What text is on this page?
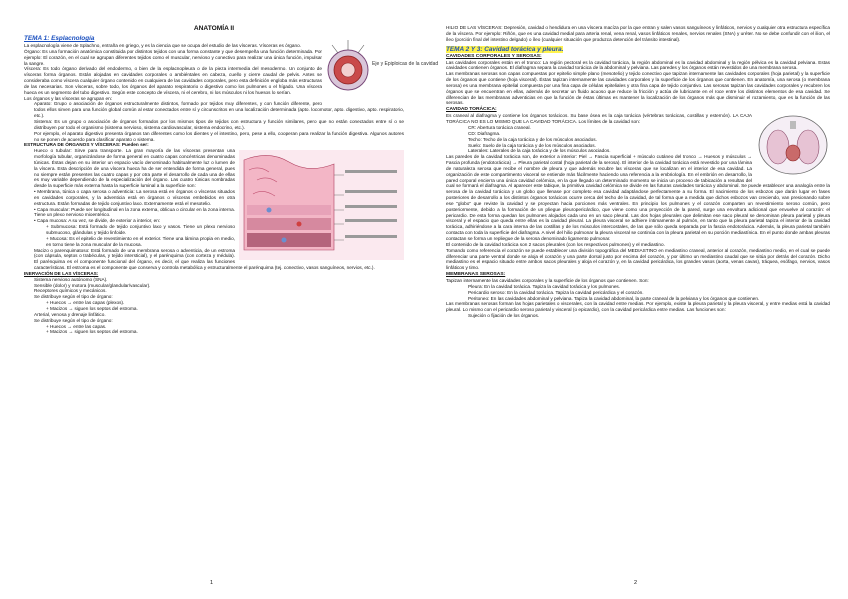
ANATOMÍA II

Eje y Epiploicas de la cavidad

TEMA 1: Esplacnología

La esplacnología viene de Splachno, entraña en griego, y es la ciencia que se ocupa del estudio de las vísceras. Vísceras es órgano.

Órgano: Es una formación anatómica constituida por distintos tejidos con una forma constante y que desempeña una función determinada. Por ejemplo: El corazón, en el cual se agrupan diferentes tejidos como el muscular, nervioso y conectivo para realizar una única función, impulsar la sangre.

Víscera: Es todo órgano derivado del endodermo, o bien de la esplacnopleura o de la pieza intermedia del mesodermo. Un conjunto de vísceras forma órganos. Están alojadas en cavidades corporales o ambiéntales en cabeza, cuello y cierre caudal de pelvis. Antes se consideraba como víscera cualquier órgano contenido en cualquiera de las cavidades corporales, pero esta definición engloba más estructuras de las necesarias. Son vísceras, sobre todo, los órganos del aparato respiratorio o digestivo como los pulmones o el hígado. Una víscera hueca es un segmento del tubo digestivo. Según este concepto de víscera, ni el cerebro, ni los músculos ni los huesos lo serían.

Los órganos y las vísceras se agrupan en:

Aparato: Grupo o asociación de órganos estructuralmente distintos, formado por tejidos muy diferentes, y con función diferente, pero todos ellos sirven para una función global común al estar conectados entre sí y circunscritos en una localización determinada (apto. locomotor, apto. digestivo, apto. respiratorio, etc.).

Sistema: Es un grupo o asociación de órganos formados por los mismos tipos de tejidos con estructura y función similares, pero que no están conectados entre sí o se distribuyen por todo el organismo (sistema nervioso, sistema cardiovascular, sistema endocrino, etc.).

Por ejemplo, el aparato digestivo presenta órganos tan diferentes como los dientes y el intestino, pero, pese a ello, cooperan para realizar la función digestiva. Algunos autores no se ponen de acuerdo para clasificar aparato o sistema.

ESTRUCTURA DE ÓRGANOS Y VÍSCERAS: Pueden ser:

Hueco o tubular: Sirve para transporte. La gran mayoría de las vísceras presentan una morfología tubular, organizándose de forma general en cuatro capas concéntricas denominadas túnicas. Éstas dejan en su interior un espacio vacío denominado habitualmente luz o lumen de la víscera. Esta descripción de una víscera hueca ha de ser entendida de forma general, pues no siempre están presentes las cuatro capas y por otra parte el desarrollo de cada una de ellas es muy variable dependiendo de la especialización del órgano. Las cuatro túnicas nombradas desde la superficie más externa hasta la superficie luminal a la superficie son:

• Membrana, túnica o capa serosa o adventicia: La serosa está en órganos o vísceras situados en cavidades corporales, y la adventicia está en órganos o vísceras embebidos en otra estructura. Están formadas de tejido conjuntivo laxo. Externamente está el mesotelio.

• Capa muscular: Puede ser longitudinal en la zona externa, oblicua o circular en la zona interna. Tiene un plexo nervioso mioentérico.

• Capa mucosa: A su vez, se divide, de exterior a interior, en:

+ Submucosa: Está formado de tejido conjuntivo laxo y vasos. Tiene un plexo nervioso submucoso, glándulas y tejido linfoide.

+ Mucosa: Es el epitelio de revestimiento en el exterior. Tiene una lámina propia en medio, en torno tiene la zona muscular de la mucosa.

Macizo o parenquimatoso: Está formado de una membrana serosa o adventicia, de un estroma (con cápsula, septos o trabéculas, y tejido intersticial), y el parénquima (con corteza y médula). El parénquima es el componente funcional del órgano, es decir, el que realiza las funciones características. El estroma es el componente que conserva y controla metabólica y estructuralmente el parénquima (tej. conectivo, vasos sanguíneos, nervios, etc.).

INERVACIÓN DE LAS VÍSCERAS:

Sistema nervioso autónomo (SNA).

Sensible (dolor) y motora (muscular/glandular/vascular).

Receptores químicos y mecánicos.

Se distribuye según el tipo de órgano:

+ Huecos → entre las capas (plexos).

+ Macizos → siguen los septos del estroma.

Arterial, venosa y drenaje linfático.

Se distribuye según el tipo de órgano:

+ Huecos → entre las capas.

+ Macizos → siguen los septos del estroma.

1

HILIO DE LAS VÍSCERAS: Depresión, cavidad o hendidura en una víscera macíza por la que entran y salen vasos sanguíneos y linfáticos, nervios y cualquier otra estructura específica de la víscera. Por ejemplo: Riñón, que es una cavidad medial para arteria renal, vena renal, vasos linfáticos renales, nervios renales (SNA) y uréter. No se debe confundir con el ilion, el íleo (porción final del intestino delgado) o íleo (cualquier situación que produzca detención del tránsito intestinal).

TEMA 2 Y 3: Cavidad torácica y pleura.

CAVIDADES CORPORALES Y SEROSAS:

Las cavidades corporales están en el tronco: La región pectoral es la cavidad torácica, la región abdominal es la cavidad abdominal y la región pélvica es la cavidad pelviana. Estas cavidades contienen órganos. El diafragma separa la cavidad torácica de la abdominal y pelviana. Las paredes y los órganos están revestidos de una membrana serosa.

Las membranas serosas son capas compuestas por epitelio simple plano (mesotelio) y tejido conectivo que tapizan internamente las cavidades corporales (hoja parietal) y la superficie de los órganos que contiene (hoja visceral). Éstas tapizan internamente las cavidades corporales y la superficie de los órganos que contienen. En anatomía, una serosa (o membrana serosa) es una membrana epitelial compuesta por una fina capa de células epiteliales y otra fina capa de tejido conjuntivo. Las serosas tapizan las cavidades corporales y recubren los órganos que se encuentran en ellas, además de secretar un fluido acuoso que reduce la fricción y actúa de lubricante en el roce entre los distintos elementos de esa cavidad. Se diferencian de las membranas adventicias en que la función de éstas últimas es mantener la localización de los órganos más que disminuir el rozamiento, que es la función de las serosas.

CAVIDAD TORÁCICA:

Es craneal al diafragma y contiene los órganos torácicos. Su base ósea es la caja torácica (vértebras torácicas, costillas y esternón). LA CAJA TORÁCICA NO ES LO MISMO QUE LA CAVIDAD TORÁCICA. Los límites de la cavidad son:

CR: Abertura torácica craneal.

CD: Diafragma.

Techo: Techo de la caja torácica y de los músculos asociados.

Suelo: Suelo de la caja torácica y de los músculos asociados.

Laterales: Laterales de la caja torácica y de los músculos asociados.

Las paredes de la cavidad torácica son, de exterior a interior: Piel → Fascia superficial + músculo cutáneo del tronco → Huesos y músculos → Fascia profunda (endotorácica) → Pleura parietal costal (hoja parietal de la serosa). El interior de la cavidad torácica está revestido por una lámina de naturaleza serosa que recibe el nombre de pleura y que además recubre las vísceras que se localizan en el interior de esa cavidad. La organización de este compartimento visceral se entiende más fácilmente haciendo una referencia a la embriología. En el embrión en desarrollo, la pared corporal encierra una única cavidad celómica, en la que llegado un determinado momento se inicia un proceso de tabicación a resultas del cual se formará el diafragma. Al aparecer este tabique, la primitiva cavidad celómica se divide en las futuras cavidades torácica y abdominal. Se puede establecer una analogía entre la serosa de la cavidad torácica y un globo que llenase por completo esa cavidad adaptándose perfectamente a su forma. El nacimiento de los esbozos que darán lugar en fases posteriores de desarrollo a los distintos órganos torácicos ocurre cerca del techo de la cavidad, de tal forma que a medida que dichos esbozos van creciendo, van presionando sobre ese "globo" que reviste la cavidad y se proyectan hacia porciones más ventrales. En principio los pulmones y el corazón comparten un revestimiento seroso común, pero posteriormente, debido a la formación de un pliegue pleuropericárdico, que viene como una proyección de la pared, surge una envoltura adicional que envuelve al corazón: el pericardio. De esta forma quedan los pulmones alojados cada uno en un saco pleural. Las dos hojas pleurales que delimitan ese saco pleural se denominan pleura parietal y pleura visceral y el espacio que queda entre ellas es la cavidad pleural. La pleura visceral se adhiere íntimamente al pulmón, en tanto que la pleura parietal tapiza el interior de la cavidad torácica, adhiriéndose a la cara interna de las costillas y de los músculos intercostales, de las que sólo queda separada por la fascia endotorácica. Además, la pleura parietal también contacta con toda la superficie del diafragma. A nivel del hilio pulmonar la pleura visceral se continúa con la pleura parietal en su porción mediastínica. En el punto donde ambas pleuras contactan se forma un repliegue de la serosa denominado ligamento pulmonar.

El contenido de la cavidad torácica son 2 sacos pleurales (con los respectivos pulmones) y el mediastino.

Tomando como referencia el corazón se puede establecer una división topográfica del MEDIASTINO en mediastino craneal, anterior al corazón, mediastino medio, en el cual se puede diferenciar una parte ventral donde se aloja el corazón y una parte dorsal justo por encima del corazón, y por último un mediastino caudal que se sitúa por detrás del corazón. Dicho mediastino es el espacio situado entre ambos sacos pleurales y aloja el corazón y, en la cavidad pericárdica, los grandes vasos (aorta, venas cavas), tráquea, esófago, nervios, vasos linfáticos y timo.

MEMBRANAS SEROSAS:

Tapizan internamente las cavidades corporales y la superficie de los órganos que contienen. Son:

Pleura: En la cavidad torácica. Tapiza la cavidad torácica y los pulmones.

Pericardio seroso: En la cavidad torácica. Tapiza la cavidad pericárdica y el corazón.

Peritoneo: En las cavidades abdominal y pelviana. Tapiza la cavidad abdominal, la parte craneal de la pelviana y los órganos que contienen.

Las membranas serosas forman las hojas parietales o viscerales, con la cavidad entre medias. Por ejemplo, existe la pleura parietal y la pleura visceral, y entre medias está la cavidad pleural. Lo mismo con el pericardio seroso parietal y visceral (o epicardio), con la cavidad pericárdica entre medias. Las funciones son:

Sujeción o fijación de los órganos.

2
